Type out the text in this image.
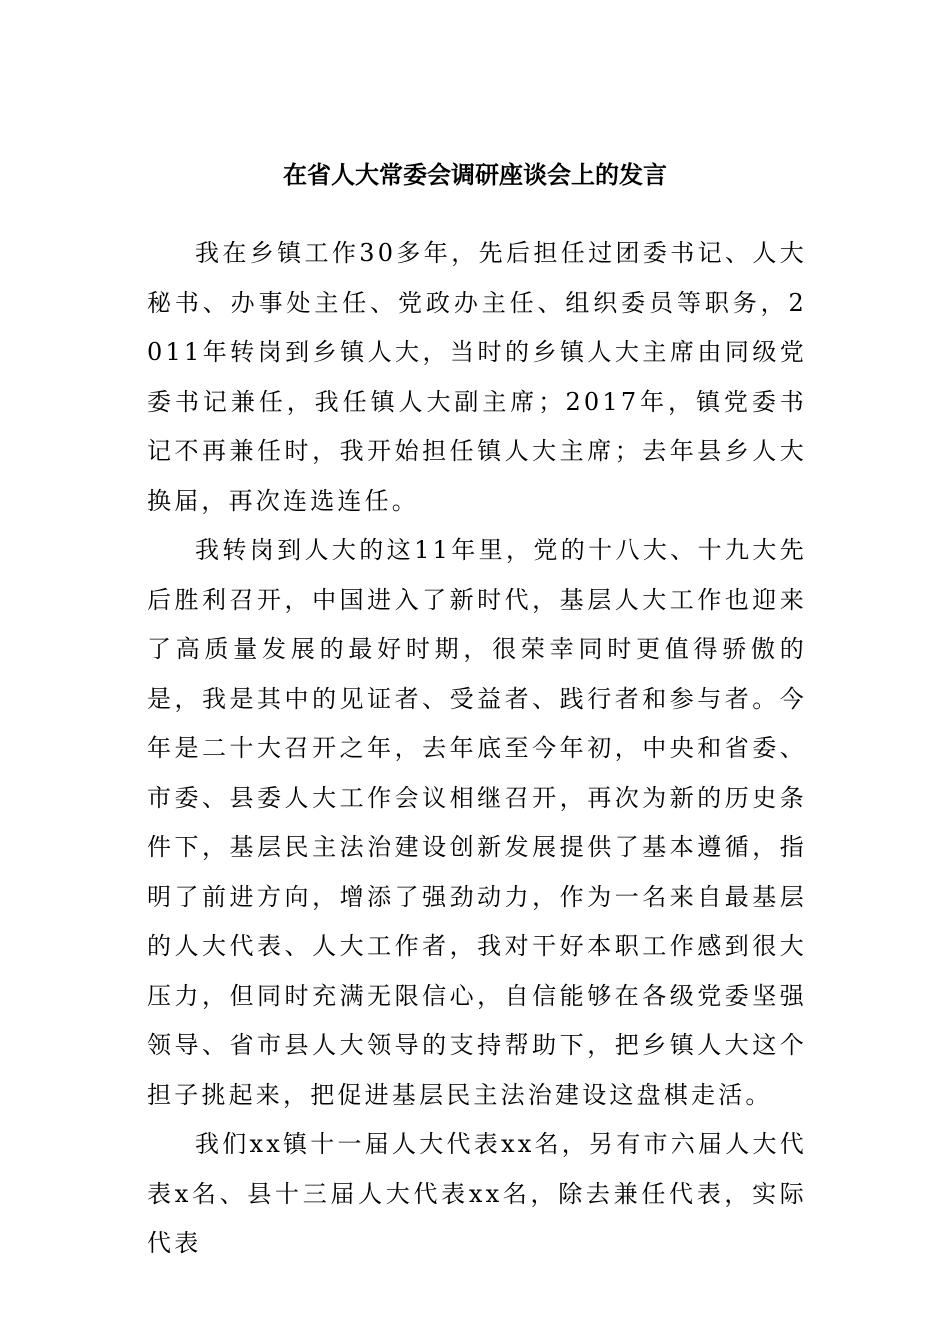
在省人大常委会调研座谈会上的发言

我在乡镇工作30多年，先后担任过团委书记、人大秘书、办事处主任、党政办主任、组织委员等职务，2011年转岗到乡镇人大，当时的乡镇人大主席由同级党委书记兼任，我任镇人大副主席；2017年，镇党委书记不再兼任时，我开始担任镇人大主席；去年县乡人大换届，再次连选连任。

我转岗到人大的这11年里，党的十八大、十九大先后胜利召开，中国进入了新时代，基层人大工作也迎来了高质量发展的最好时期，很荣幸同时更值得骄傲的是，我是其中的见证者、受益者、践行者和参与者。今年是二十大召开之年，去年底至今年初，中央和省委、市委、县委人大工作会议相继召开，再次为新的历史条件下，基层民主法治建设创新发展提供了基本遵循，指明了前进方向，增添了强劲动力，作为一名来自最基层的人大代表、人大工作者，我对干好本职工作感到很大压力，但同时充满无限信心，自信能够在各级党委坚强领导、省市县人大领导的支持帮助下，把乡镇人大这个担子挑起来，把促进基层民主法治建设这盘棋走活。

我们xx镇十一届人大代表xx名，另有市六届人大代表x名、县十三届人大代表xx名，除去兼任代表，实际代表
